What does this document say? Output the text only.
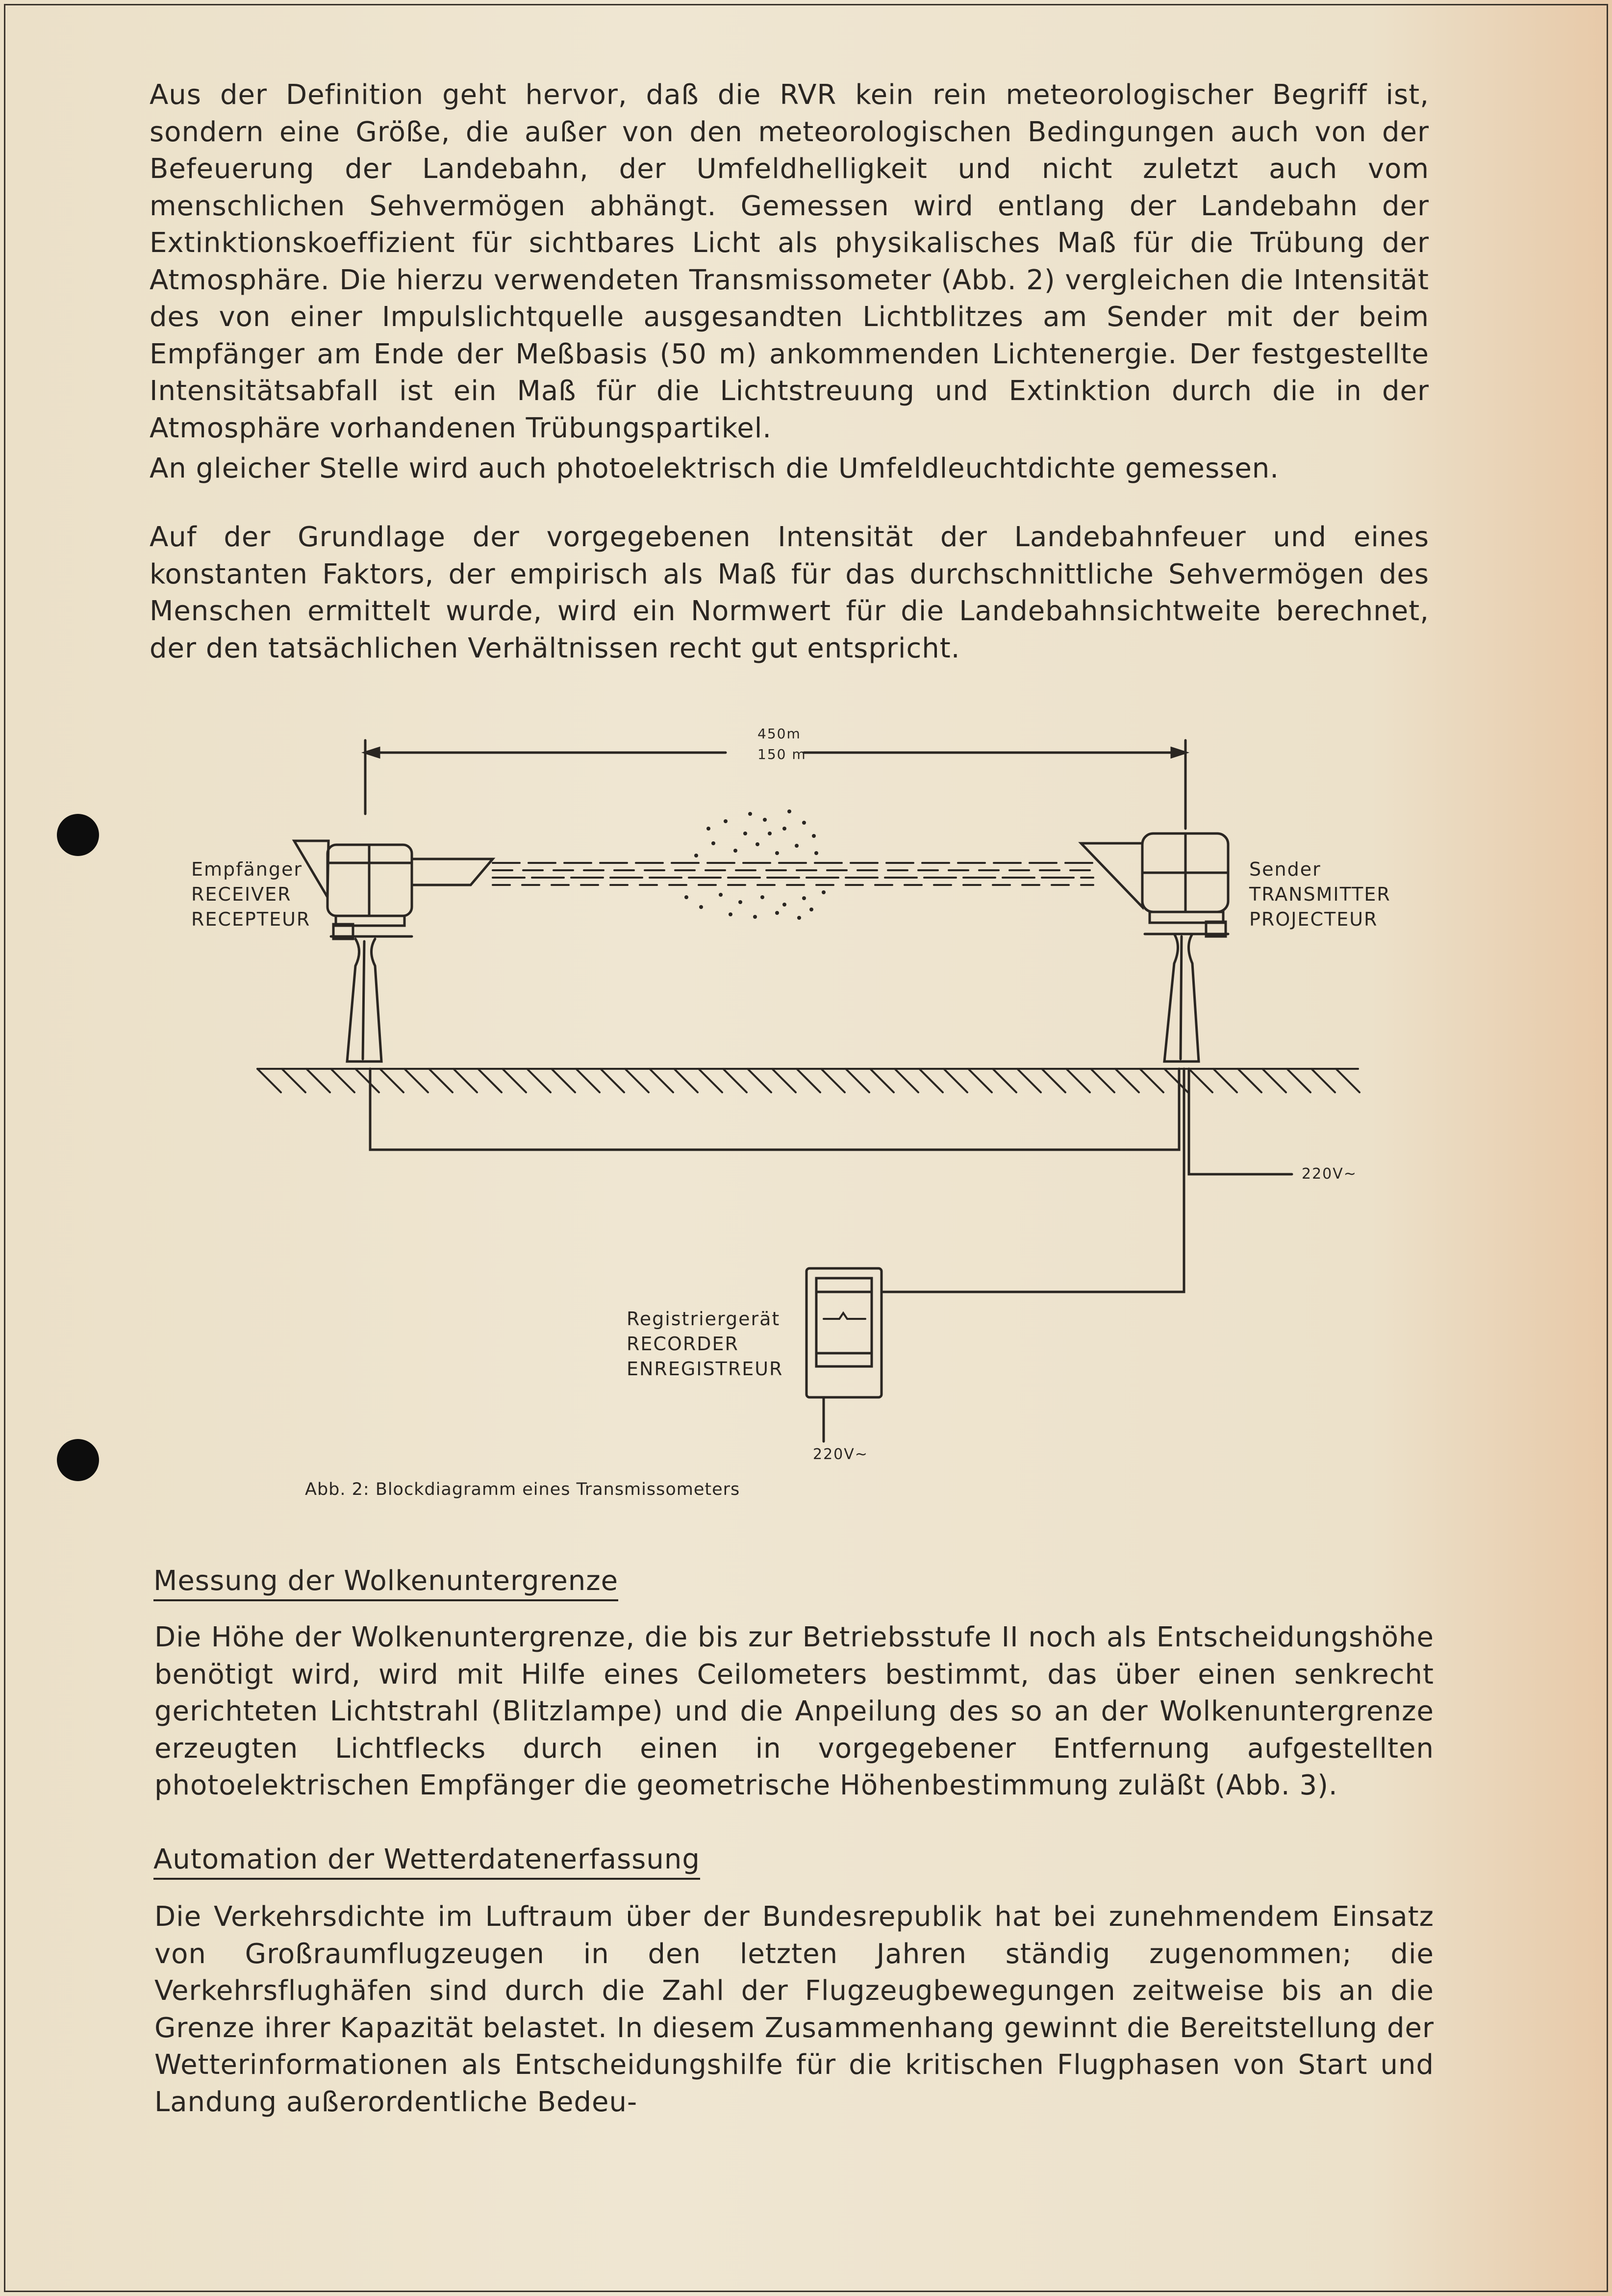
Aus der Definition geht hervor, daß die RVR kein rein meteorologischer Begriff ist, sondern eine Größe, die außer von den meteorologischen Bedingungen auch von der Befeuerung der Landebahn, der Umfeldhelligkeit und nicht zuletzt auch vom menschlichen Sehvermögen abhängt. Gemessen wird entlang der Landebahn der Extinktionskoeffizient für sichtbares Licht als physikalisches Maß für die Trübung der Atmosphäre. Die hierzu verwendeten Transmissometer (Abb. 2) vergleichen die Intensität des von einer Impulslichtquelle ausgesandten Lichtblitzes am Sender mit der beim Empfänger am Ende der Meßbasis (50 m) ankommenden Lichtenergie. Der festgestellte Intensitätsabfall ist ein Maß für die Lichtstreuung und Extinktion durch die in der Atmosphäre vorhandenen Trübungspartikel.

An gleicher Stelle wird auch photoelektrisch die Umfeldleuchtdichte gemessen.

Auf der Grundlage der vorgegebenen Intensität der Landebahnfeuer und eines konstanten Faktors, der empirisch als Maß für das durchschnittliche Sehvermögen des Menschen ermittelt wurde, wird ein Normwert für die Landebahnsichtweite berechnet, der den tatsächlichen Verhältnissen recht gut entspricht.

450m
150 m
Empfänger
RECEIVER
RECEPTEUR
Sender
TRANSMITTER
PROJECTEUR
Registriergerät
RECORDER
ENREGISTREUR
220V~
220V~
Abb. 2: Blockdiagramm eines Transmissometers
Messung der Wolkenuntergrenze

Die Höhe der Wolkenuntergrenze, die bis zur Betriebsstufe II noch als Entscheidungshöhe benötigt wird, wird mit Hilfe eines Ceilometers bestimmt, das über einen senkrecht gerichteten Lichtstrahl (Blitzlampe) und die Anpeilung des so an der Wolkenuntergrenze erzeugten Lichtflecks durch einen in vorgegebener Entfernung aufgestellten photoelektrischen Empfänger die geometrische Höhenbestimmung zuläßt (Abb. 3).

Automation der Wetterdatenerfassung

Die Verkehrsdichte im Luftraum über der Bundesrepublik hat bei zunehmendem Einsatz von Großraumflugzeugen in den letzten Jahren ständig zugenommen; die Verkehrsflughäfen sind durch die Zahl der Flugzeugbewegungen zeitweise bis an die Grenze ihrer Kapazität belastet. In diesem Zusammenhang gewinnt die Bereitstellung der Wetterinformationen als Entscheidungshilfe für die kritischen Flugphasen von Start und Landung außerordentliche Bedeu-
